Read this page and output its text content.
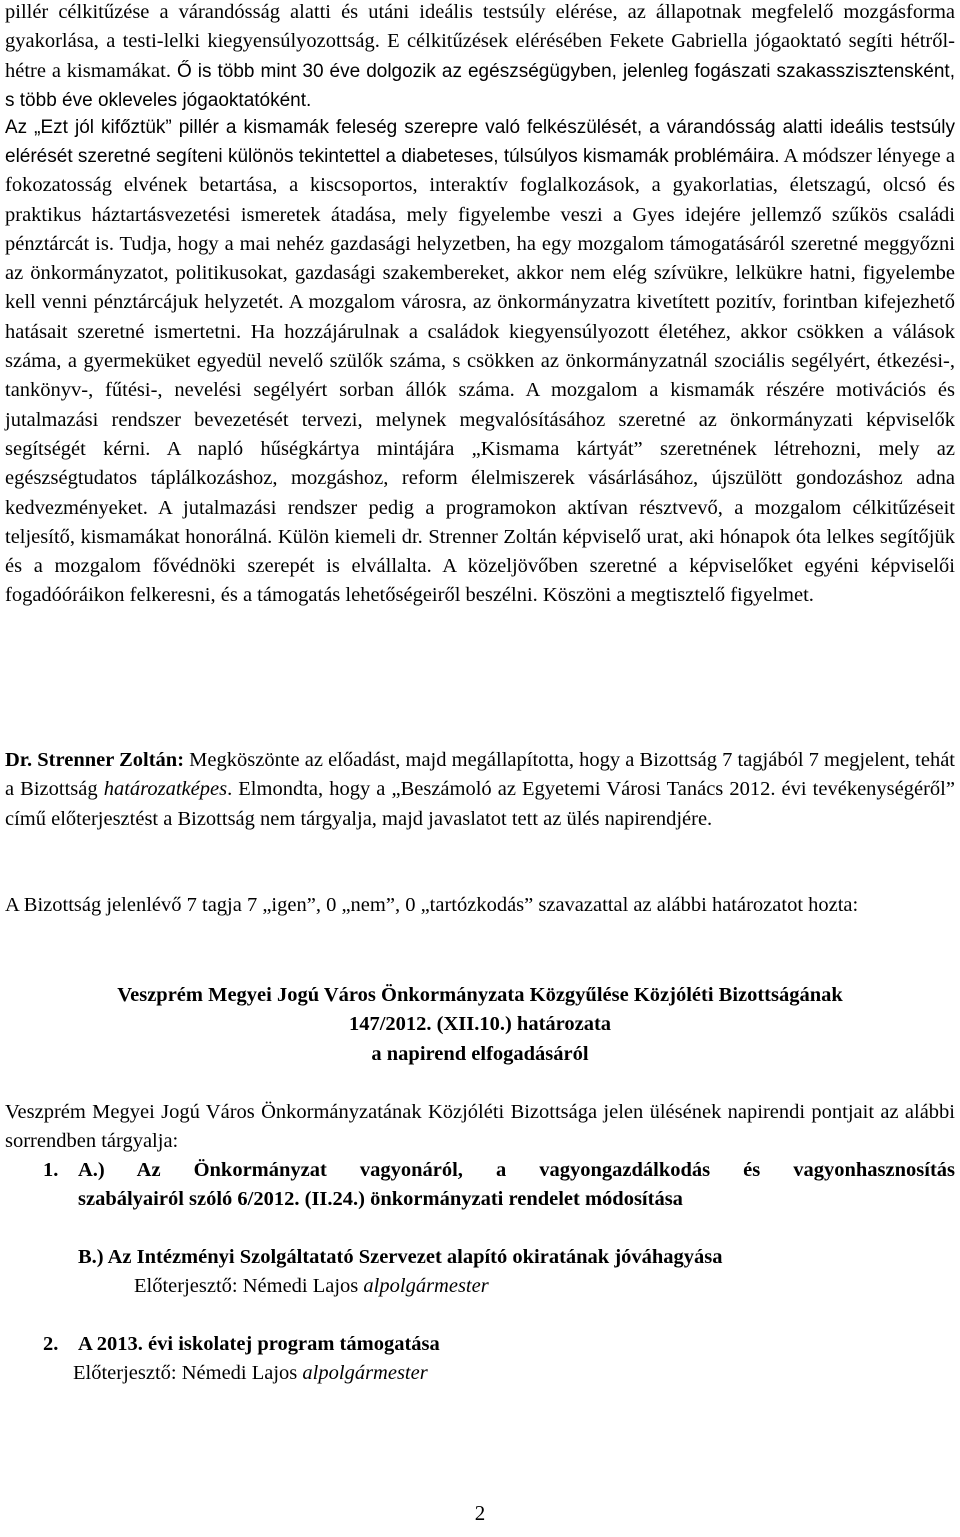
pillér célkitűzése a várandósság alatti és utáni ideális testsúly elérése, az állapotnak megfelelő mozgásforma gyakorlása, a testi-lelki kiegyensúlyozottság. E célkitűzések elérésében Fekete Gabriella jógaoktató segíti hétről-hétre a kismamákat. Ő is több mint 30 éve dolgozik az egészségügyben, jelenleg fogászati szakasszisztensként, s több éve okleveles jógaoktatóként.

Az „Ezt jól kifőztük” pillér a kismamák feleség szerepre való felkészülését, a várandósság alatti ideális testsúly elérését szeretné segíteni különös tekintettel a diabeteses, túlsúlyos kismamák problémáira. A módszer lényege a fokozatosság elvének betartása, a kiscsoportos, interaktív foglalkozások, a gyakorlatias, életszagú, olcsó és praktikus háztartásvezetési ismeretek átadása, mely figyelembe veszi a Gyes idejére jellemző szűkös családi pénztárcát is. Tudja, hogy a mai nehéz gazdasági helyzetben, ha egy mozgalom támogatásáról szeretné meggyőzni az önkormányzatot, politikusokat, gazdasági szakembereket, akkor nem elég szívükre, lelkükre hatni, figyelembe kell venni pénztárcájuk helyzetét. A mozgalom városra, az önkormányzatra kivetített pozitív, forintban kifejezhető hatásait szeretné ismertetni. Ha hozzájárulnak a családok kiegyensúlyozott életéhez, akkor csökken a válások száma, a gyermeküket egyedül nevelő szülők száma, s csökken az önkormányzatnál szociális segélyért, étkezési-, tankönyv-, fűtési-, nevelési segélyért sorban állók száma. A mozgalom a kismamák részére motivációs és jutalmazási rendszer bevezetését tervezi, melynek megvalósításához szeretné az önkormányzati képviselők segítségét kérni. A napló hűségkártya mintájára „Kismama kártyát” szeretnének létrehozni, mely az egészségtudatos táplálkozáshoz, mozgáshoz, reform élelmiszerek vásárlásához, újszülött gondozáshoz adna kedvezményeket. A jutalmazási rendszer pedig a programokon aktívan résztvevő, a mozgalom célkitűzéseit teljesítő, kismamákat honorálná. Külön kiemeli dr. Strenner Zoltán képviselő urat, aki hónapok óta lelkes segítőjük és a mozgalom fővédnöki szerepét is elvállalta. A közeljövőben szeretné a képviselőket egyéni képviselői fogadóóráikon felkeresni, és a támogatás lehetőségeiről beszélni. Köszöni a megtisztelő figyelmet.

Dr. Strenner Zoltán: Megköszönte az előadást, majd megállapította, hogy a Bizottság 7 tagjából 7 megjelent, tehát a Bizottság határozatképes. Elmondta, hogy a „Beszámoló az Egyetemi Városi Tanács 2012. évi tevékenységéről” című előterjesztést a Bizottság nem tárgyalja, majd javaslatot tett az ülés napirendjére.

A Bizottság jelenlévő 7 tagja 7 „igen”, 0 „nem”, 0 „tartózkodás” szavazattal az alábbi határozatot hozta:

Veszprém Megyei Jogú Város Önkormányzata Közgyűlése Közjóléti Bizottságának
147/2012. (XII.10.) határozata
a napirend elfogadásáról

Veszprém Megyei Jogú Város Önkormányzatának Közjóléti Bizottsága jelen ülésének napirendi pontjait az alábbi sorrendben tárgyalja:

1. A.) Az Önkormányzat vagyonáról, a vagyongazdálkodás és vagyonhasznosítás
szabályairól szóló 6/2012. (II.24.) önkormányzati rendelet módosítása
B.) Az Intézményi Szolgáltatató Szervezet alapító okiratának jóváhagyása
Előterjesztő: Némedi Lajos alpolgármester
2. A 2013. évi iskolatej program támogatása
Előterjesztő: Némedi Lajos alpolgármester
2
